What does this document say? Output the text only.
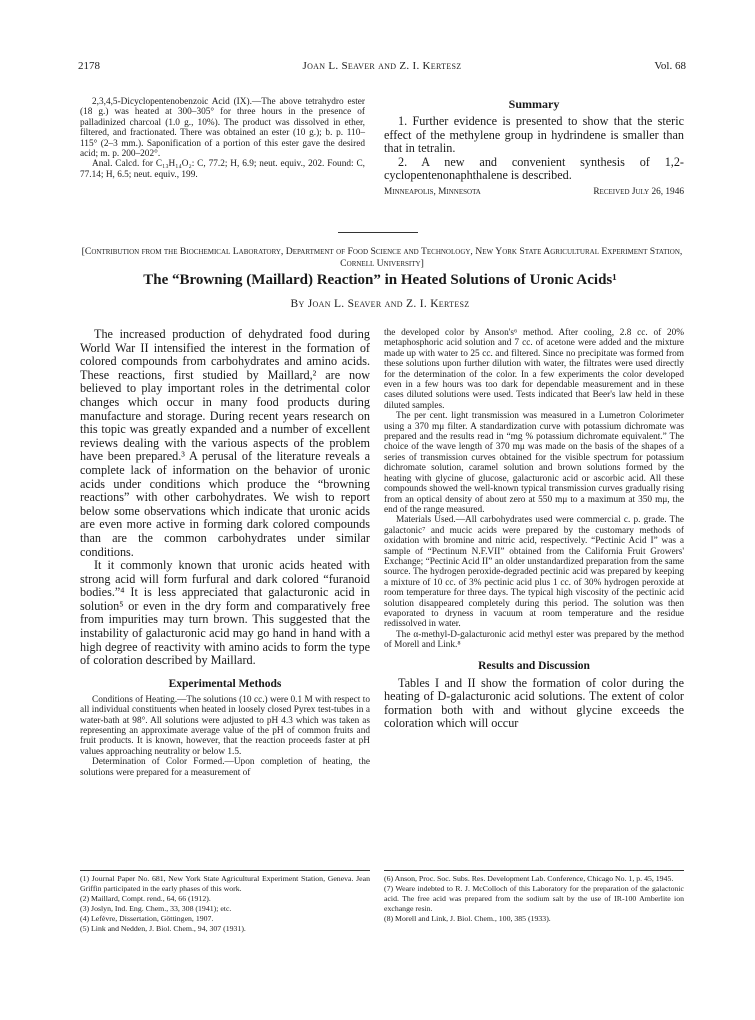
2178	Joan L. Seaver and Z. I. Kertesz	Vol. 68

2,3,4,5-Dicyclopentenobenzoic Acid (IX).—The above tetrahydro ester (18 g.) was heated at 300–305° for three hours in the presence of palladinized charcoal (1.0 g., 10%). The product was dissolved in ether, filtered, and fractionated. There was obtained an ester (10 g.); b. p. 110–115° (2–3 mm.). Saponification of a portion of this ester gave the desired acid; m. p. 200–202°.

Anal. Calcd. for C₁₃H₁₄O₂: C, 77.2; H, 6.9; neut. equiv., 202. Found: C, 77.14; H, 6.5; neut. equiv., 199.

Summary

1. Further evidence is presented to show that the steric effect of the methylene group in hydrindene is smaller than that in tetralin.

2. A new and convenient synthesis of 1,2-cyclopentenonaphthalene is described.

Minneapolis, Minnesota	Received July 26, 1946
[Contribution from the Biochemical Laboratory, Department of Food Science and Technology, New York State Agricultural Experiment Station, Cornell University]
The “Browning (Maillard) Reaction” in Heated Solutions of Uronic Acids¹
By Joan L. Seaver and Z. I. Kertesz

The increased production of dehydrated food during World War II intensified the interest in the formation of colored compounds from carbohydrates and amino acids. These reactions, first studied by Maillard,² are now believed to play important roles in the detrimental color changes which occur in many food products during manufacture and storage. During recent years research on this topic was greatly expanded and a number of excellent reviews dealing with the various aspects of the problem have been prepared.³ A perusal of the literature reveals a complete lack of information on the behavior of uronic acids under conditions which produce the “browning reactions” with other carbohydrates. We wish to report below some observations which indicate that uronic acids are even more active in forming dark colored compounds than are the common carbohydrates under similar conditions.

It it commonly known that uronic acids heated with strong acid will form furfural and dark colored “furanoid bodies.”⁴ It is less appreciated that galacturonic acid in solution⁵ or even in the dry form and comparatively free from impurities may turn brown. This suggested that the instability of galacturonic acid may go hand in hand with a high degree of reactivity with amino acids to form the type of coloration described by Maillard.

Experimental Methods

Conditions of Heating.—The solutions (10 cc.) were 0.1 M with respect to all individual constituents when heated in loosely closed Pyrex test-tubes in a water-bath at 98°. All solutions were adjusted to pH 4.3 which was taken as representing an approximate average value of the pH of common fruits and fruit products. It is known, however, that the reaction proceeds faster at pH values approaching neutrality or below 1.5.

Determination of Color Formed.—Upon completion of heating, the solutions were prepared for a measurement of

the developed color by Anson's⁶ method. After cooling, 2.8 cc. of 20% metaphosphoric acid solution and 7 cc. of acetone were added and the mixture made up with water to 25 cc. and filtered. Since no precipitate was formed from these solutions upon further dilution with water, the filtrates were used directly for the determination of the color. In a few experiments the color developed even in a few hours was too dark for dependable measurement and in these cases diluted solutions were used. Tests indicated that Beer's law held in these diluted samples.

The per cent. light transmission was measured in a Lumetron Colorimeter using a 370 mμ filter. A standardization curve with potassium dichromate was prepared and the results read in “mg % potassium dichromate equivalent.” The choice of the wave length of 370 mμ was made on the basis of the shapes of a series of transmission curves obtained for the visible spectrum for potassium dichromate solution, caramel solution and brown solutions formed by the heating with glycine of glucose, galacturonic acid or ascorbic acid. All these compounds showed the well-known typical transmission curves gradually rising from an optical density of about zero at 550 mμ to a maximum at 350 mμ, the end of the range measured.

Materials Used.—All carbohydrates used were commercial c. p. grade. The galactonic⁷ and mucic acids were prepared by the customary methods of oxidation with bromine and nitric acid, respectively. “Pectinic Acid I” was a sample of “Pectinum N.F.VII” obtained from the California Fruit Growers' Exchange; “Pectinic Acid II” an older unstandardized preparation from the same source. The hydrogen peroxide-degraded pectinic acid was prepared by keeping a mixture of 10 cc. of 3% pectinic acid plus 1 cc. of 30% hydrogen peroxide at room temperature for three days. The typical high viscosity of the pectinic acid solution disappeared completely during this period. The solution was then evaporated to dryness in vacuum at room temperature and the residue redissolved in water.

The α-methyl-D-galacturonic acid methyl ester was prepared by the method of Morell and Link.⁸

Results and Discussion

Tables I and II show the formation of color during the heating of D-galacturonic acid solutions. The extent of color formation both with and without glycine exceeds the coloration which will occur

(1) Journal Paper No. 681, New York State Agricultural Experiment Station, Geneva. Jean Griffin participated in the early phases of this work.
(2) Maillard, Compt. rend., 64, 66 (1912).
(3) Joslyn, Ind. Eng. Chem., 33, 308 (1941); etc.
(4) Lefèvre, Dissertation, Göttingen, 1907.
(5) Link and Nedden, J. Biol. Chem., 94, 307 (1931).
(6) Anson, Proc. Soc. Subs. Res. Development Lab. Conference, Chicago No. 1, p. 45, 1945.
(7) Weare indebted to R. J. McColloch of this Laboratory for the preparation of the galactonic acid. The free acid was prepared from the sodium salt by the use of IR-100 Amberlite ion exchange resin.
(8) Morell and Link, J. Biol. Chem., 100, 385 (1933).
